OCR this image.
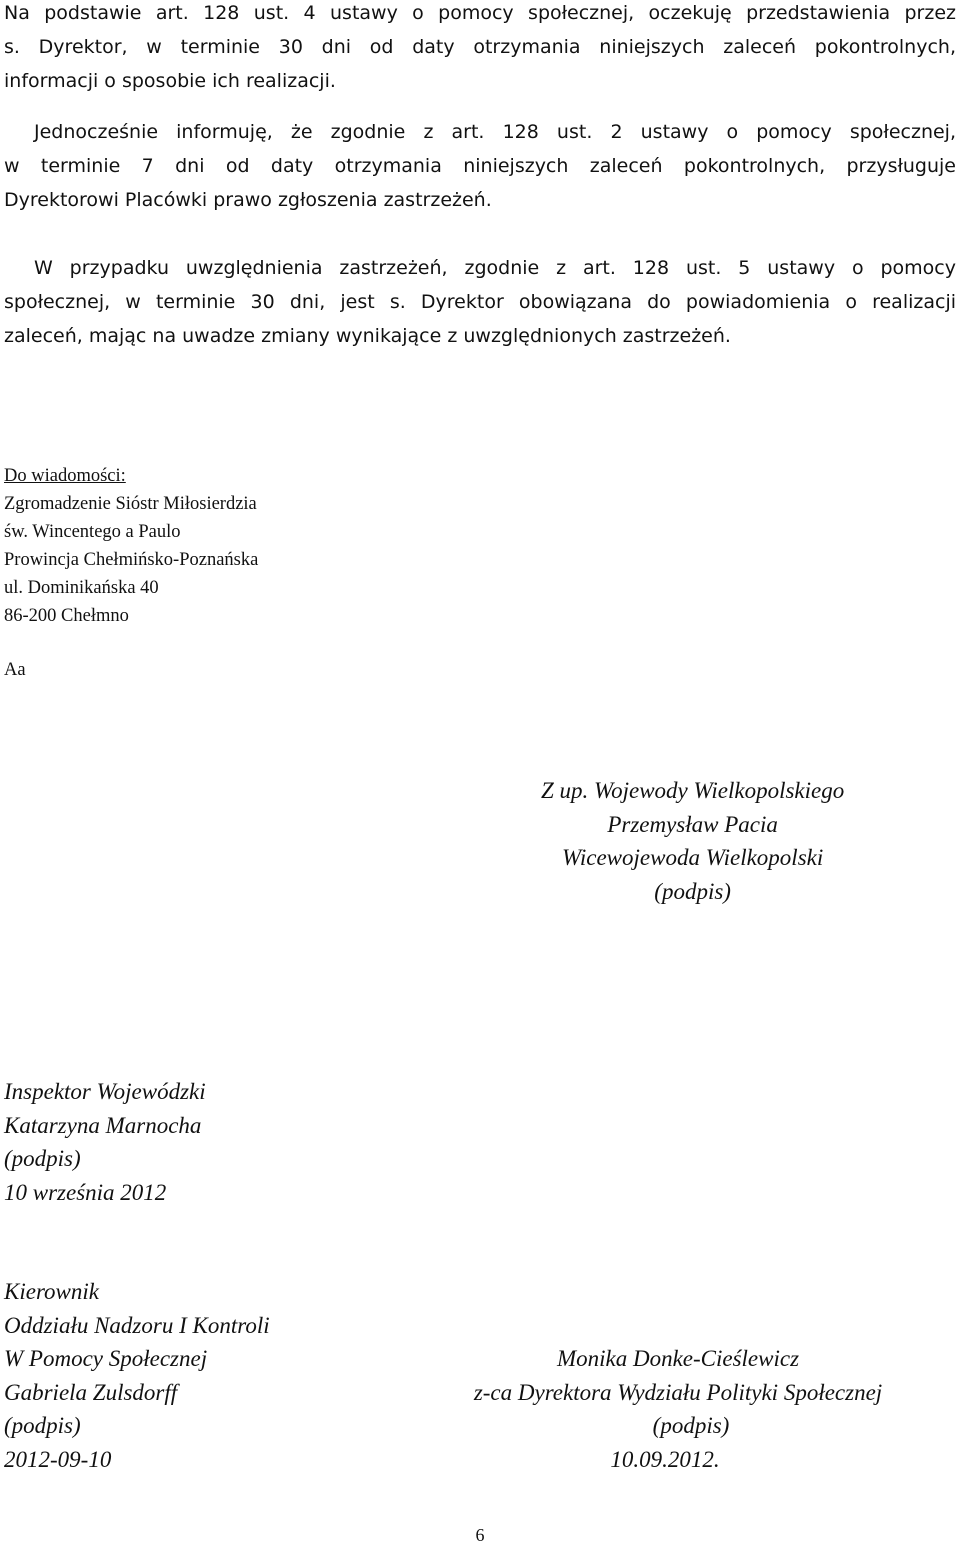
Na podstawie art. 128 ust. 4 ustawy o pomocy społecznej, oczekuję przedstawienia przez
s. Dyrektor, w terminie 30 dni od daty otrzymania niniejszych zaleceń pokontrolnych,
informacji o sposobie ich realizacji.
Jednocześnie informuję, że zgodnie z art. 128 ust. 2 ustawy o pomocy społecznej,
w terminie 7 dni od daty otrzymania niniejszych zaleceń pokontrolnych, przysługuje
Dyrektorowi Placówki prawo zgłoszenia zastrzeżeń.
W przypadku uwzględnienia zastrzeżeń, zgodnie z art. 128 ust. 5 ustawy o pomocy
społecznej, w terminie 30 dni, jest s. Dyrektor obowiązana do powiadomienia o realizacji
zaleceń, mając na uwadze zmiany wynikające z uwzględnionych zastrzeżeń.
Do wiadomości:
Zgromadzenie Sióstr Miłosierdzia
św. Wincentego a Paulo
Prowincja Chełmińsko-Poznańska
ul. Dominikańska 40
86-200 Chełmno
Aa
Z up. Wojewody Wielkopolskiego
Przemysław Pacia
Wicewojewoda Wielkopolski
(podpis)
Inspektor Wojewódzki
Katarzyna Marnocha
(podpis)
10 września 2012
Kierownik
Oddziału Nadzoru I Kontroli
W Pomocy Społecznej
Gabriela Zulsdorff
(podpis)
2012-09-10
Monika Donke-Cieślewicz
z-ca Dyrektora Wydziału Polityki Społecznej
(podpis)
10.09.2012.
6
